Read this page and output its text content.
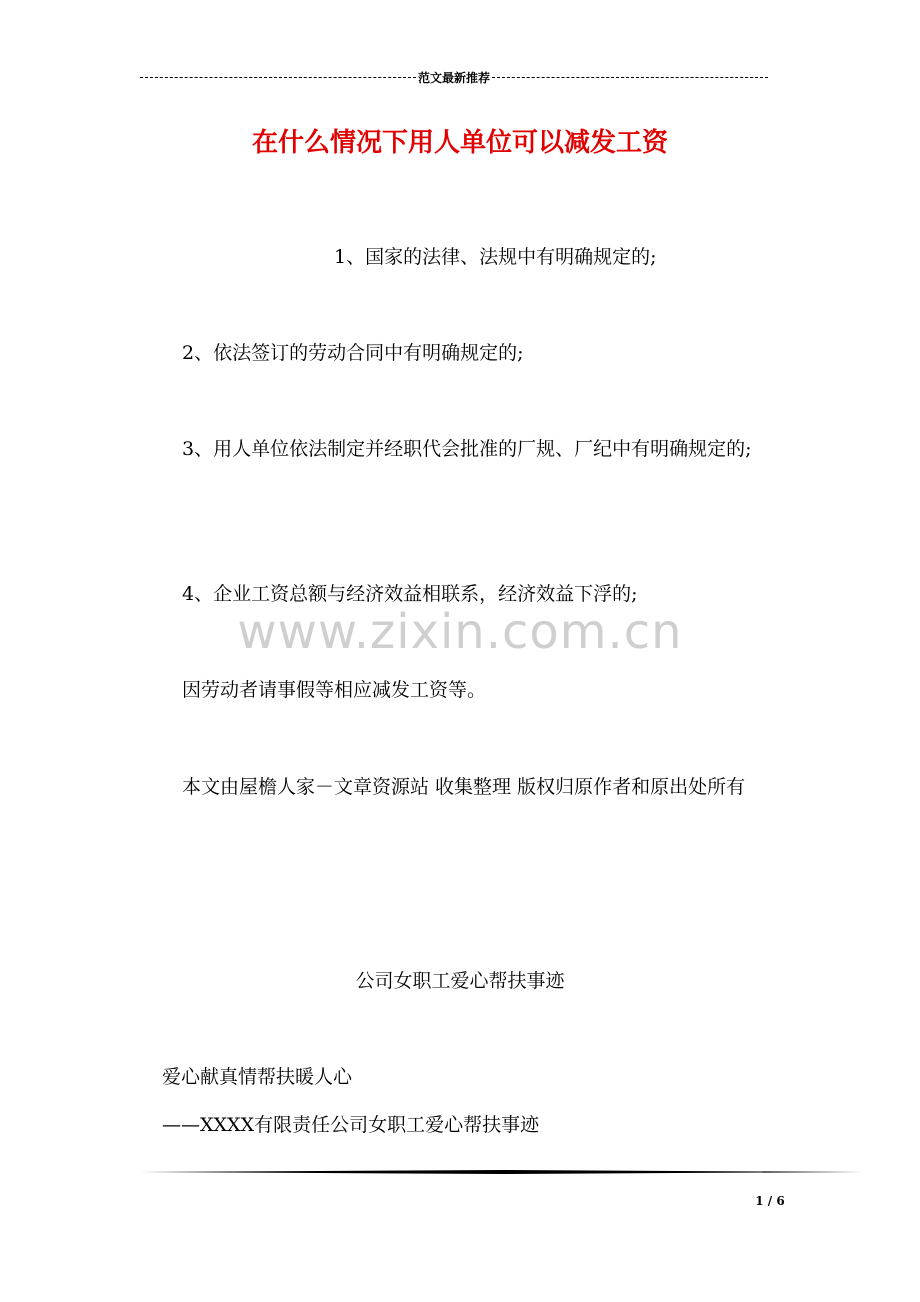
范文最新推荐
在什么情况下用人单位可以减发工资
1、国家的法律、法规中有明确规定的;
2、依法签订的劳动合同中有明确规定的;
3、用人单位依法制定并经职代会批准的厂规、厂纪中有明确规定的;
4、企业工资总额与经济效益相联系，经济效益下浮的;
www.zixin.com.cn
因劳动者请事假等相应减发工资等。
本文由屋檐人家－文章资源站 收集整理 版权归原作者和原出处所有
公司女职工爱心帮扶事迹
爱心献真情帮扶暖人心
——XXXX有限责任公司女职工爱心帮扶事迹
1 / 6
